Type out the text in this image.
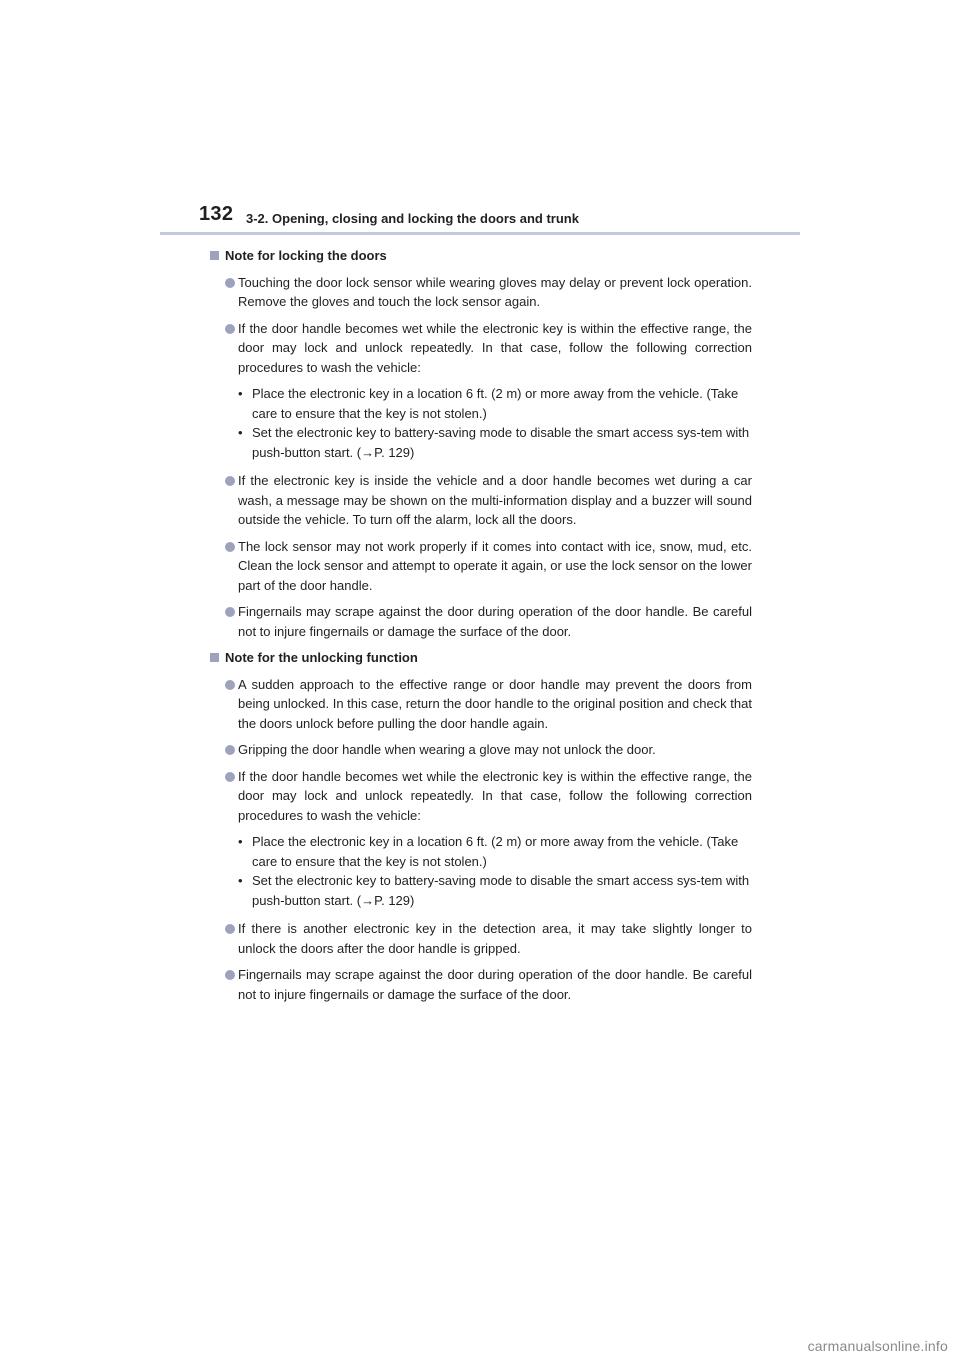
132 3-2. Opening, closing and locking the doors and trunk
Note for locking the doors
Touching the door lock sensor while wearing gloves may delay or prevent lock operation. Remove the gloves and touch the lock sensor again.
If the door handle becomes wet while the electronic key is within the effective range, the door may lock and unlock repeatedly. In that case, follow the following correction procedures to wash the vehicle:
• Place the electronic key in a location 6 ft. (2 m) or more away from the vehicle. (Take care to ensure that the key is not stolen.)
• Set the electronic key to battery-saving mode to disable the smart access sys-tem with push-button start. (→P. 129)
If the electronic key is inside the vehicle and a door handle becomes wet during a car wash, a message may be shown on the multi-information display and a buzzer will sound outside the vehicle. To turn off the alarm, lock all the doors.
The lock sensor may not work properly if it comes into contact with ice, snow, mud, etc. Clean the lock sensor and attempt to operate it again, or use the lock sensor on the lower part of the door handle.
Fingernails may scrape against the door during operation of the door handle. Be careful not to injure fingernails or damage the surface of the door.
Note for the unlocking function
A sudden approach to the effective range or door handle may prevent the doors from being unlocked. In this case, return the door handle to the original position and check that the doors unlock before pulling the door handle again.
Gripping the door handle when wearing a glove may not unlock the door.
If the door handle becomes wet while the electronic key is within the effective range, the door may lock and unlock repeatedly. In that case, follow the following correction procedures to wash the vehicle:
• Place the electronic key in a location 6 ft. (2 m) or more away from the vehicle. (Take care to ensure that the key is not stolen.)
• Set the electronic key to battery-saving mode to disable the smart access sys-tem with push-button start. (→P. 129)
If there is another electronic key in the detection area, it may take slightly longer to unlock the doors after the door handle is gripped.
Fingernails may scrape against the door during operation of the door handle. Be careful not to injure fingernails or damage the surface of the door.
carmanualsonline.info
